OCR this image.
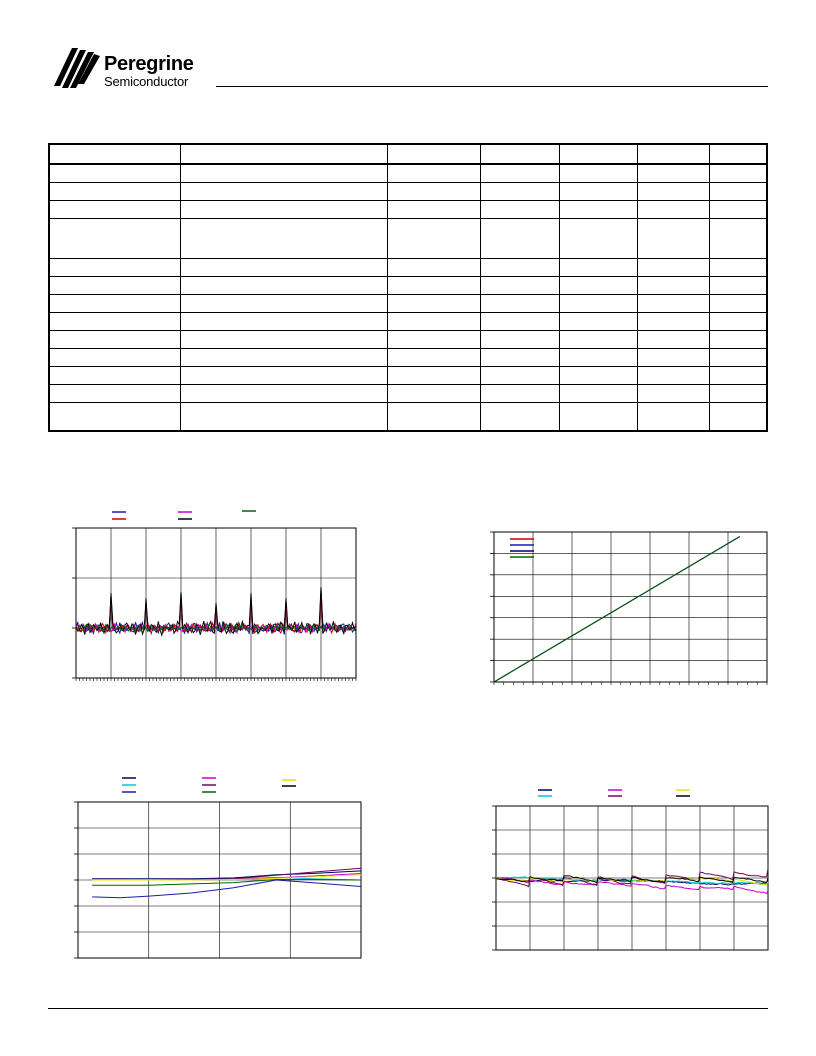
Peregrine
Semiconductor
